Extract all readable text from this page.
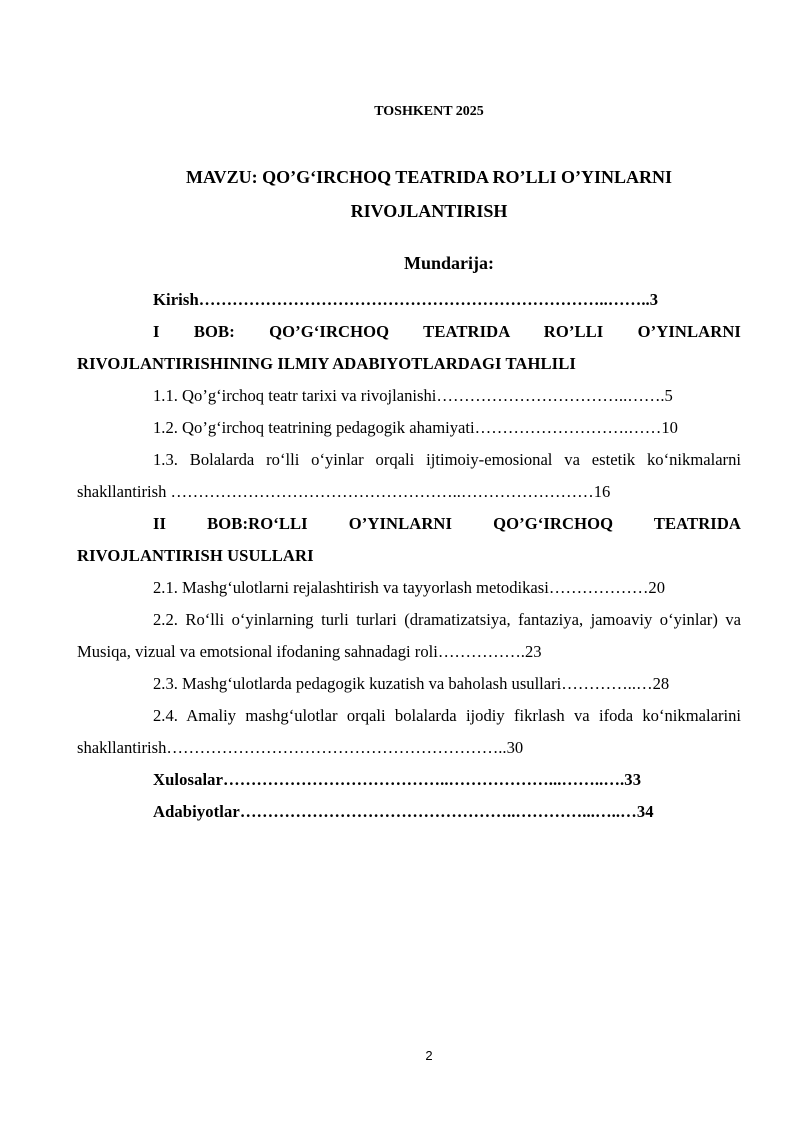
TOSHKENT 2025
MAVZU: QO’G‘IRCHOQ TEATRIDA RO’LLI O’YINLARNI
RIVOJLANTIRISH
Mundarija:

Kirish………………………………………………………………..……..3

I BOB: QO’G‘IRCHOQ TEATRIDA RO’LLI O’YINLARNI RIVOJLANTIRISHINING ILMIY ADABIYOTLARDAGI TAHLILI

1.1. Qo’g‘irchoq teatr tarixi va rivojlanishi……………………………..…….5

1.2. Qo’g‘irchoq teatrining pedagogik ahamiyati……………………….……10

1.3. Bolalarda ro‘lli o‘yinlar orqali ijtimoiy-emosional va estetik ko‘nikmalarni shakllantirish ……………………………………………..……………………16

II BOB:RO‘LLI O’YINLARNI QO’G‘IRCHOQ TEATRIDA RIVOJLANTIRISH USULLARI

2.1. Mashg‘ulotlarni rejalashtirish va tayyorlash metodikasi………………20

2.2. Ro‘lli o‘yinlarning turli turlari (dramatizatsiya, fantaziya, jamoaviy o‘yinlar) va Musiqa, vizual va emotsional ifodaning sahnadagi roli…………….23

2.3. Mashg‘ulotlarda pedagogik kuzatish va baholash usullari…………..…28

2.4. Amaliy mashg‘ulotlar orqali bolalarda ijodiy fikrlash va ifoda ko‘nikmalarini shakllantirish……………………………………………………..30

Xulosalar…………………………………..………………...……..….33

Adabiyotlar…………………………………………..…………...…..…34

2
